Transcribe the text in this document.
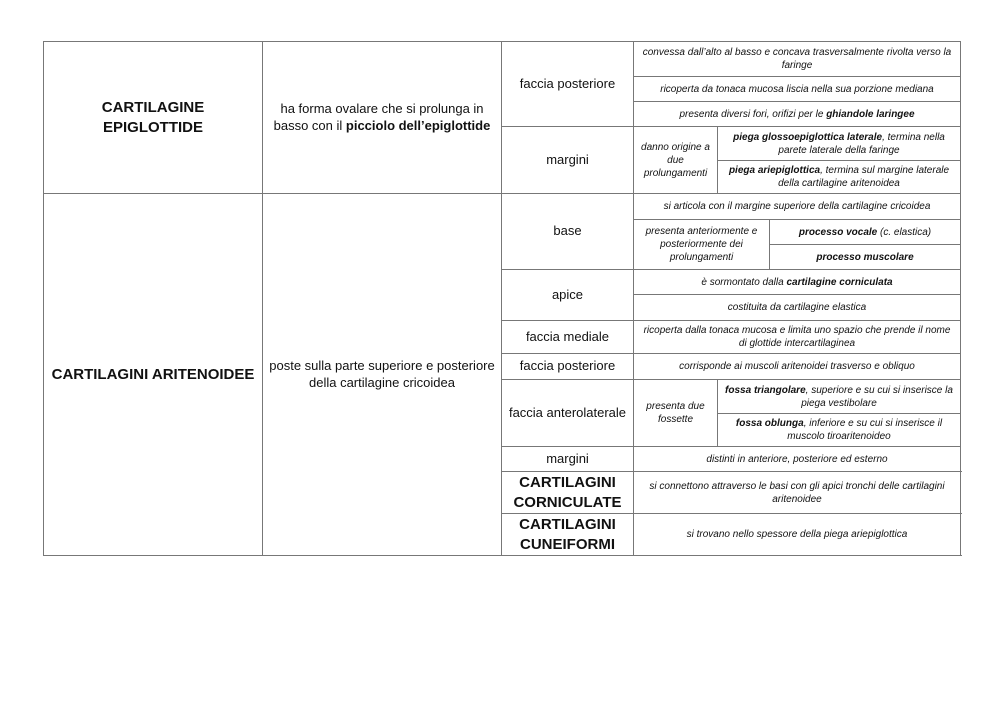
CARTILAGINE EPIGLOTTIDE	ha forma ovalare che si prolunga in basso con il picciolo dell’epiglottide	faccia posteriore	convessa dall’alto al basso e concava trasversalmente rivolta verso la faringe		
			ricoperta da tonaca mucosa liscia nella sua porzione mediana		
			presenta diversi fori, orifizi per le ghiandole laringee		
		margini	danno origine a due prolungamenti	piega glossoepiglottica laterale, termina nella parete laterale della faringe	
				piega ariepiglottica, termina sul margine laterale della cartilagine aritenoidea	
CARTILAGINI ARITENOIDEE	poste sulla parte superiore e posteriore della cartilagine cricoidea	base	si articola con il margine superiore della cartilagine cricoidea		
			presenta anteriormente e posteriormente dei prolungamenti		processo vocale (c. elastica)
					processo muscolare
		apice	è sormontato dalla cartilagine corniculata		
			costituita da cartilagine elastica		
		faccia mediale	ricoperta dalla tonaca mucosa e limita uno spazio che prende il nome di glottide intercartilaginea		
		faccia posteriore	corrisponde ai muscoli aritenoidei trasverso e obliquo		
		faccia anterolaterale	presenta due fossette	fossa triangolare, superiore e su cui si inserisce la piega vestibolare	
				fossa oblunga, inferiore e su cui si inserisce il muscolo tiroaritenoideo	
		margini	distinti in anteriore, posteriore ed esterno		
		CARTILAGINI CORNICULATE	si connettono attraverso le basi con gli apici tronchi delle cartilagini aritenoidee		
		CARTILAGINI CUNEIFORMI	si trovano nello spessore della piega ariepiglottica		
